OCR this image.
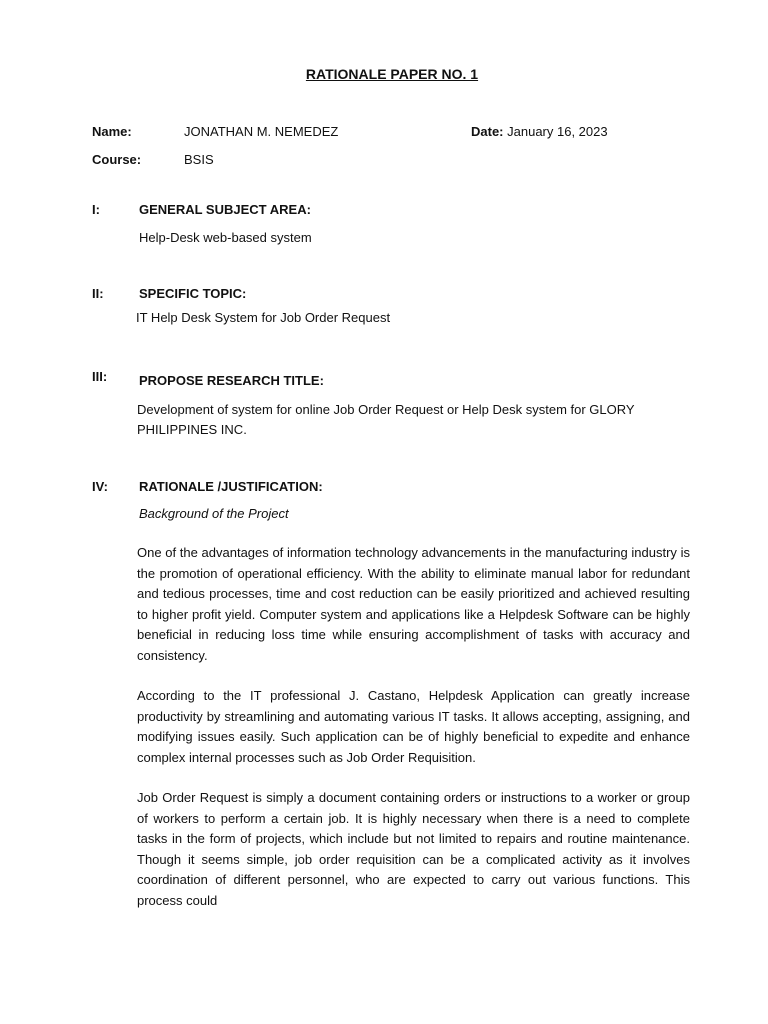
RATIONALE PAPER NO. 1
Name:	JONATHAN M. NEMEDEZ	Date: January 16, 2023
Course:	BSIS
I:	GENERAL SUBJECT AREA:
Help-Desk web-based system
II:	SPECIFIC TOPIC:
IT Help Desk System for Job Order Request
III: PROPOSE RESEARCH TITLE:
Development of system for online Job Order Request or Help Desk system for GLORY PHILIPPINES INC.
IV: RATIONALE /JUSTIFICATION:
Background of the Project
One of the advantages of information technology advancements in the manufacturing industry is the promotion of operational efficiency. With the ability to eliminate manual labor for redundant and tedious processes, time and cost reduction can be easily prioritized and achieved resulting to higher profit yield. Computer system and applications like a Helpdesk Software can be highly beneficial in reducing loss time while ensuring accomplishment of tasks with accuracy and consistency.
According to the IT professional J. Castano, Helpdesk Application can greatly increase productivity by streamlining and automating various IT tasks. It allows accepting, assigning, and modifying issues easily. Such application can be of highly beneficial to expedite and enhance complex internal processes such as Job Order Requisition.
Job Order Request is simply a document containing orders or instructions to a worker or group of workers to perform a certain job. It is highly necessary when there is a need to complete tasks in the form of projects, which include but not limited to repairs and routine maintenance. Though it seems simple, job order requisition can be a complicated activity as it involves coordination of different personnel, who are expected to carry out various functions. This process could
